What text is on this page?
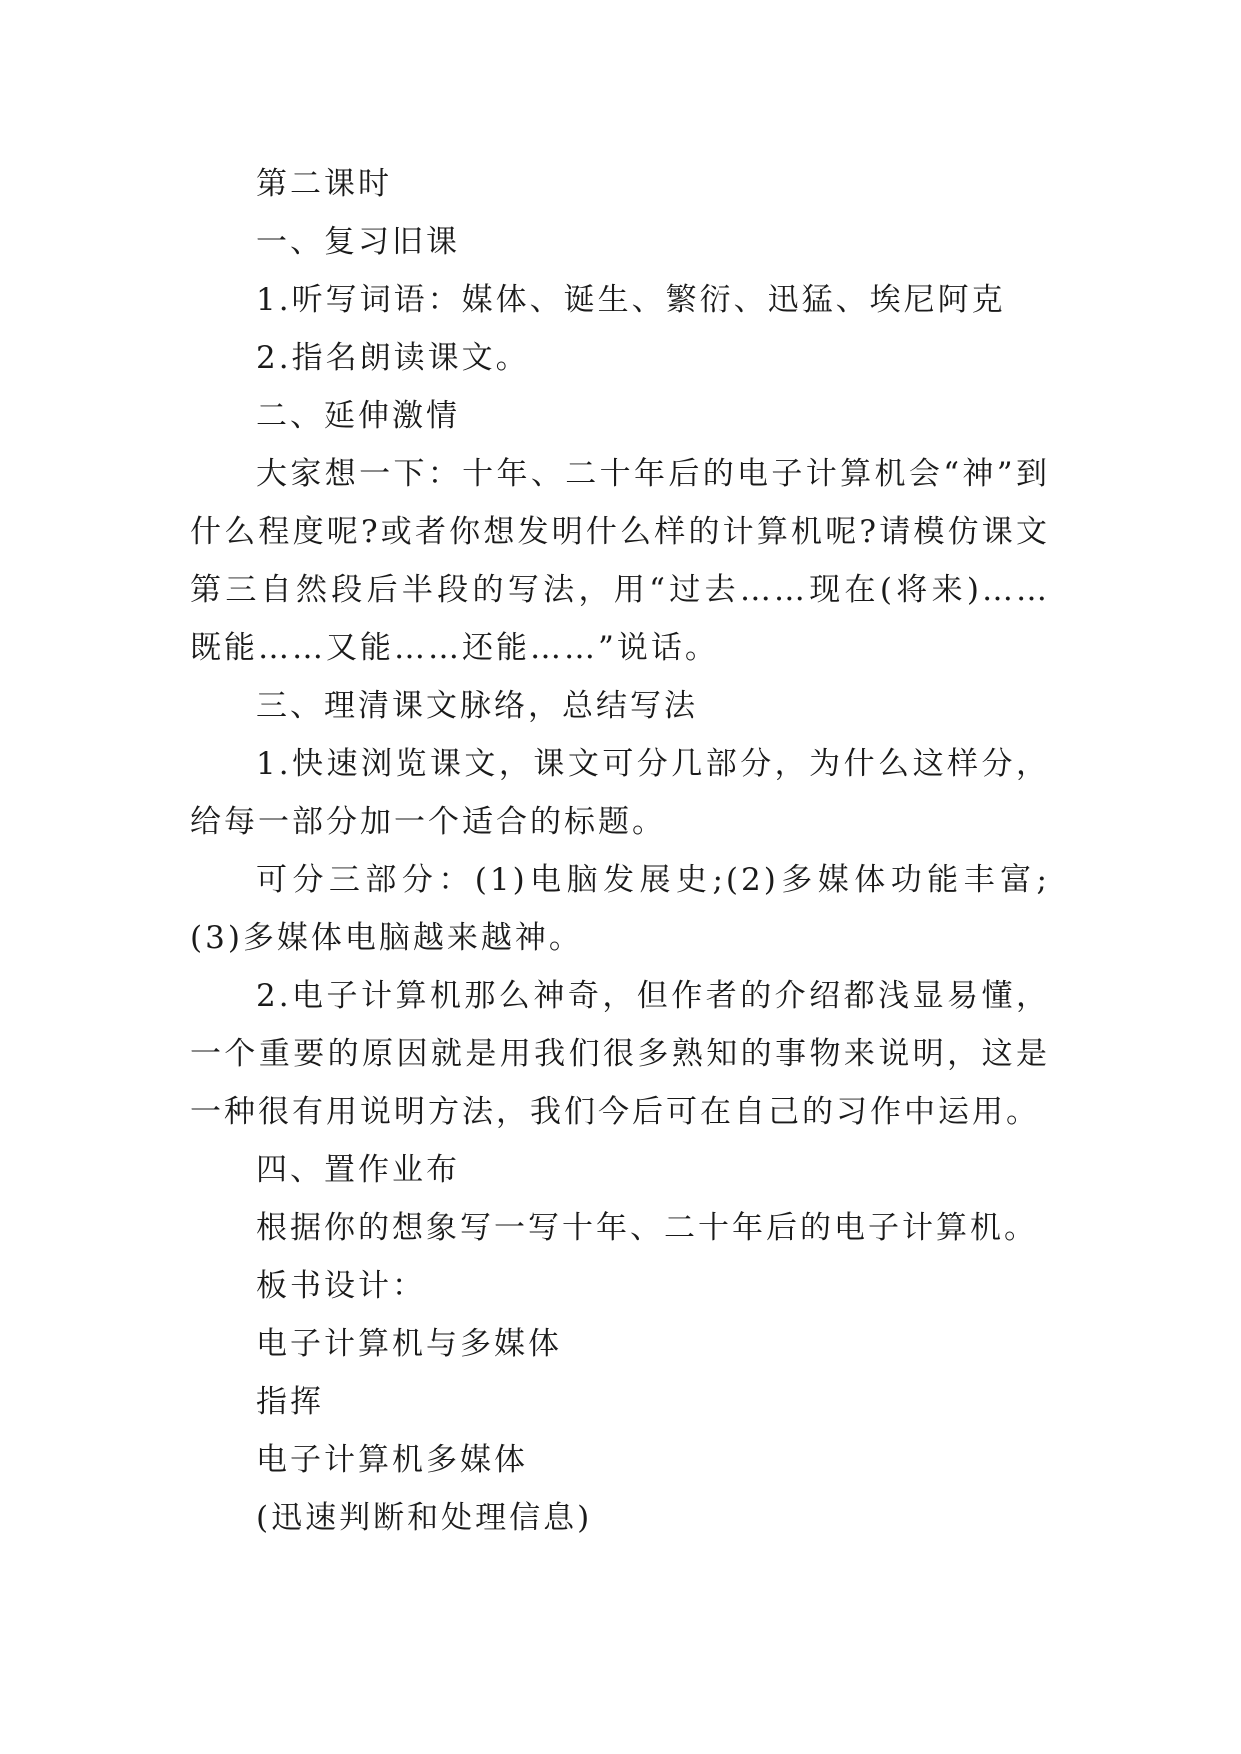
第二课时

一、复习旧课

1.听写词语：媒体、诞生、繁衍、迅猛、埃尼阿克

2.指名朗读课文。

二、延伸激情

大家想一下：十年、二十年后的电子计算机会“神”到什么程度呢?或者你想发明什么样的计算机呢?请模仿课文第三自然段后半段的写法，用“过去……现在(将来)……既能……又能……还能……”说话。

三、理清课文脉络，总结写法

1.快速浏览课文，课文可分几部分，为什么这样分，给每一部分加一个适合的标题。

可分三部分：(1)电脑发展史;(2)多媒体功能丰富;(3)多媒体电脑越来越神。

2.电子计算机那么神奇，但作者的介绍都浅显易懂，一个重要的原因就是用我们很多熟知的事物来说明，这是一种很有用说明方法，我们今后可在自己的习作中运用。

四、置作业布

根据你的想象写一写十年、二十年后的电子计算机。

板书设计：

电子计算机与多媒体

指挥

电子计算机多媒体

(迅速判断和处理信息)
